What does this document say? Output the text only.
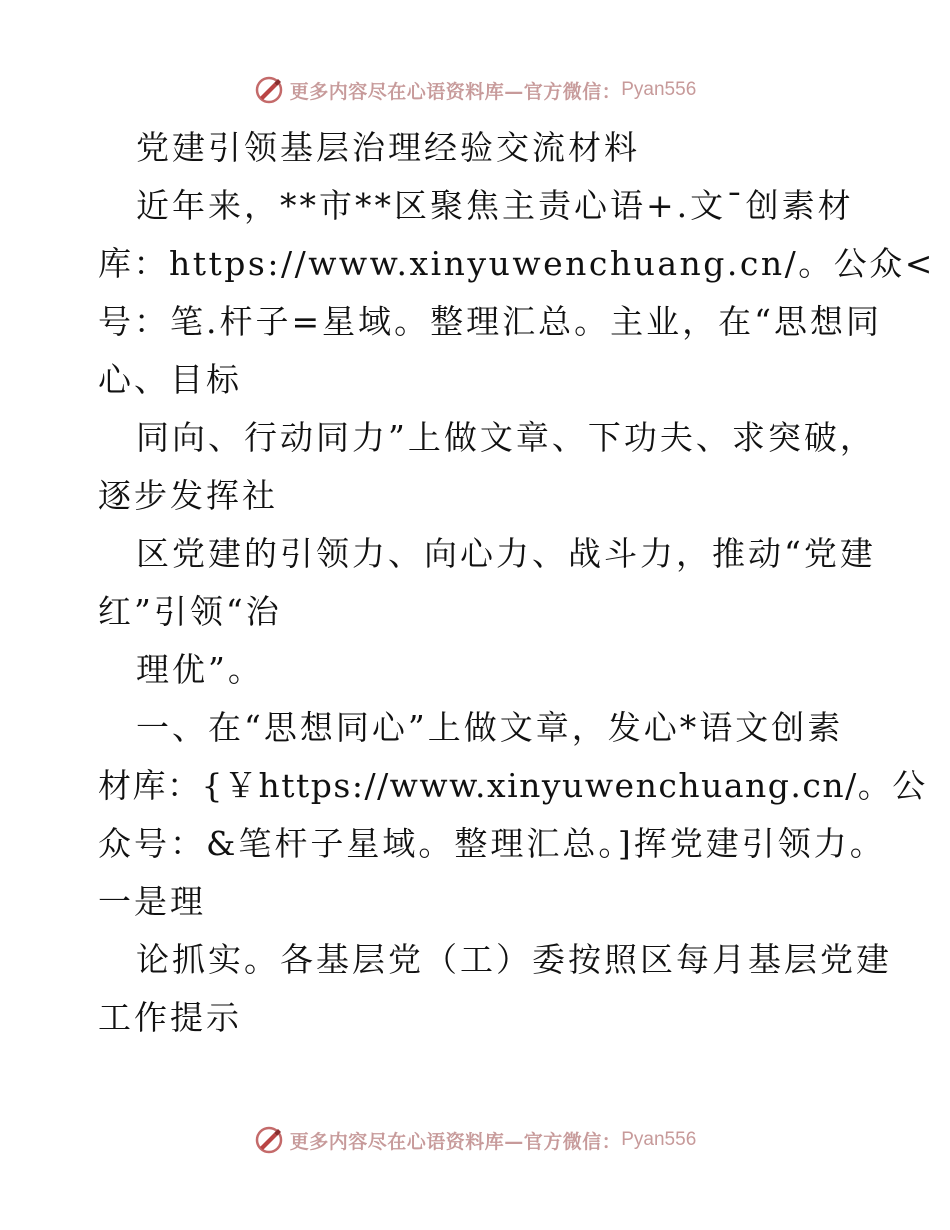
更多内容尽在心语资料库—官方微信： Pyan556
党建引领基层治理经验交流材料
近年来，**市**区聚焦主责心语+.文¯创素材
库：https://www.xinyuwenchuang.cn/。公众<
号：笔.杆子=星域。整理汇总。主业，在“思想同
心、目标
同向、行动同力”上做文章、下功夫、求突破，
逐步发挥社
区党建的引领力、向心力、战斗力，推动“党建
红”引领“治
理优”。
一、在“思想同心”上做文章，发心*语文创素
材库：{￥https://www.xinyuwenchuang.cn/。公
众号：&笔杆子星域。整理汇总。]挥党建引领力。
一是理
论抓实。各基层党（工）委按照区每月基层党建
工作提示
更多内容尽在心语资料库—官方微信： Pyan556
